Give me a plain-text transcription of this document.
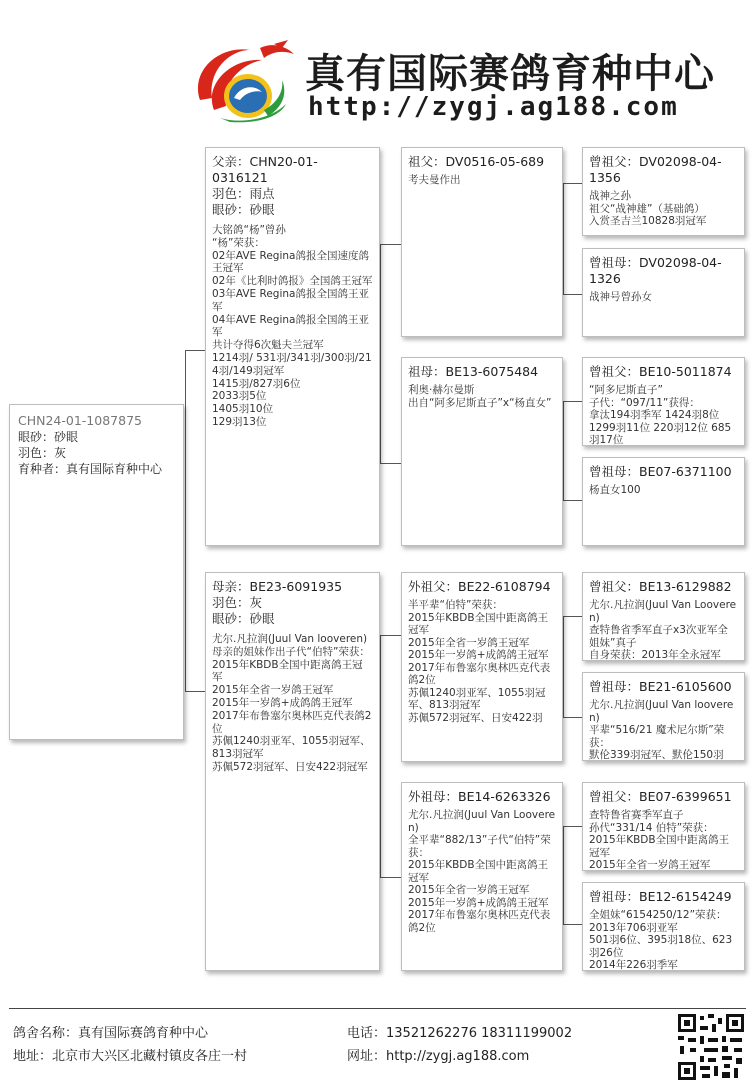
真有国际赛鸽育种中心
http://zygj.ag188.com
CHN24-01-1087875
眼砂：砂眼
羽色：灰
育种者：真有国际育种中心
父亲：CHN20-01-0316121
羽色：雨点
眼砂：砂眼
大铭鸽“杨”曾孙
“杨”荣获：
02年AVE Regina鸽报全国速度鸽王冠军
02年《比利时鸽报》全国鸽王冠军
03年AVE Regina鸽报全国鸽王亚军
04年AVE Regina鸽报全国鸽王亚军
共计夺得6次魁夫兰冠军
1214羽/ 531羽/341羽/300羽/214羽/149羽冠军
1415羽/827羽6位
2033羽5位
1405羽10位
129羽13位
母亲：BE23-6091935
羽色：灰
眼砂：砂眼
尤尔.凡拉润(Juul Van looveren)
母亲的姐妹作出子代“伯特”荣获：
2015年KBDB全国中距离鸽王冠军
2015年全省一岁鸽王冠军
2015年一岁鸽+成鸽鸽王冠军
2017年布鲁塞尔奥林匹克代表鸽2位
苏佩1240羽亚军、1055羽冠军、813羽冠军
苏佩572羽冠军、日安422羽冠军
祖父：DV0516-05-689
考夫曼作出
祖母：BE13-6075484
利奥·赫尔曼斯
出自“阿多尼斯直子”x“杨直女”
外祖父：BE22-6108794
半平辈“伯特”荣获：
2015年KBDB全国中距离鸽王冠军
2015年全省一岁鸽王冠军
2015年一岁鸽+成鸽鸽王冠军
2017年布鲁塞尔奥林匹克代表鸽2位
苏佩1240羽亚军、1055羽冠军、813羽冠军
苏佩572羽冠军、日安422羽
外祖母：BE14-6263326
尤尔.凡拉润(Juul Van Looveren)
全平辈“882/13”子代“伯特”荣获：
2015年KBDB全国中距离鸽王冠军
2015年全省一岁鸽王冠军
2015年一岁鸽+成鸽鸽王冠军
2017年布鲁塞尔奥林匹克代表鸽2位
曾祖父：DV02098-04-1356
战神之孙
祖父“战神雄”（基础鸽）
入赏圣吉兰10828羽冠军
曾祖母：DV02098-04-1326
战神号曾孙女
曾祖父：BE10-5011874
“阿多尼斯直子”
子代：“097/11”获得：
拿汰194羽季军 1424羽8位
1299羽11位 220羽12位 685羽17位
曾祖母：BE07-6371100
杨直女100
曾祖父：BE13-6129882
尤尔.凡拉润(Juul Van Looveren)
查特鲁省季军直子x3次亚军全姐妹”真子
自身荣获：2013年全永冠军
曾祖母：BE21-6105600
尤尔.凡拉润(Juul Van looveren)
平辈“516/21 魔术尼尔斯”荣获：
默伦339羽冠军、默伦150羽
曾祖父：BE07-6399651
查特鲁省赛季军直子
孙代“331/14 伯特”荣获：
2015年KBDB全国中距离鸽王冠军
2015年全省一岁鸽王冠军
曾祖母：BE12-6154249
全姐妹“6154250/12”荣获：
2013年706羽亚军
501羽6位、395羽18位、623羽26位
2014年226羽季军
鸽舍名称：真有国际赛鸽育种中心
地址：北京市大兴区北藏村镇皮各庄一村
电话：13521262276 18311199002
网址：http://zygj.ag188.com
